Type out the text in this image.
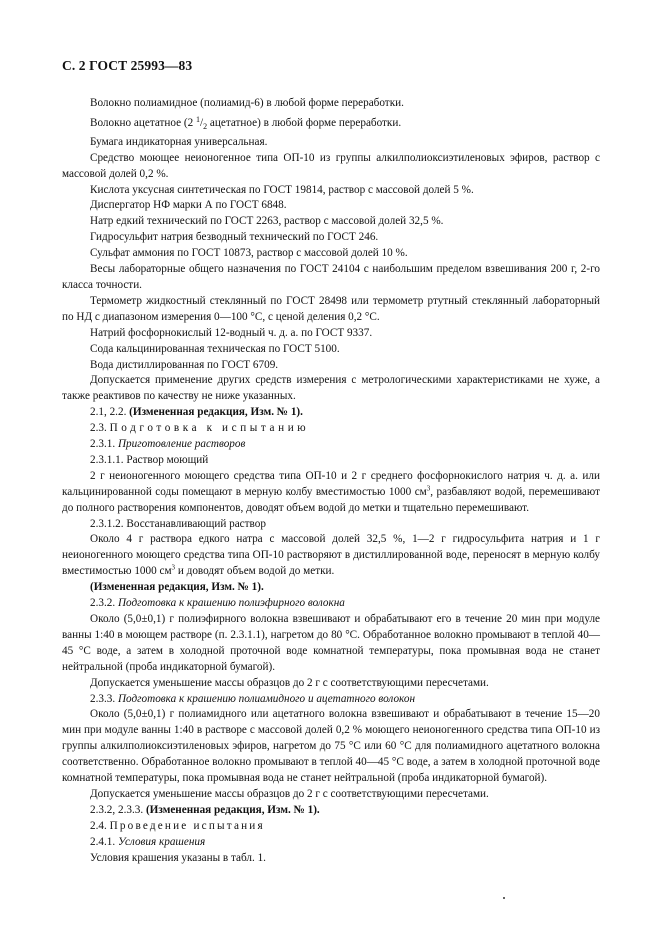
С. 2 ГОСТ 25993—83

Волокно полиамидное (полиамид-6) в любой форме переработки.

Волокно ацетатное (2 $^1/_2$ ацетатное) в любой форме переработки.

Бумага индикаторная универсальная.

Средство моющее неионогенное типа ОП-10 из группы алкилполиоксиэтиленовых эфиров, раствор с массовой долей 0,2 %.

Кислота уксусная синтетическая по ГОСТ 19814, раствор с массовой долей 5 %.

Диспергатор НФ марки А по ГОСТ 6848.

Натр едкий технический по ГОСТ 2263, раствор с массовой долей 32,5 %.

Гидросульфит натрия безводный технический по ГОСТ 246.

Сульфат аммония по ГОСТ 10873, раствор с массовой долей 10 %.

Весы лабораторные общего назначения по ГОСТ 24104 с наибольшим пределом взвешивания 200 г, 2-го класса точности.

Термометр жидкостный стеклянный по ГОСТ 28498 или термометр ртутный стеклянный лабораторный по НД с диапазоном измерения 0—100 °С, с ценой деления 0,2 °С.

Натрий фосфорнокислый 12-водный ч. д. а. по ГОСТ 9337.

Сода кальцинированная техническая по ГОСТ 5100.

Вода дистиллированная по ГОСТ 6709.

Допускается применение других средств измерения с метрологическими характеристиками не хуже, а также реактивов по качеству не ниже указанных.

2.1, 2.2. (Измененная редакция, Изм. № 1).

2.3. Подготовка к испытанию

2.3.1. Приготовление растворов

2.3.1.1. Раствор моющий

2 г неионогенного моющего средства типа ОП-10 и 2 г среднего фосфорнокислого натрия ч. д. а. или кальцинированной соды помещают в мерную колбу вместимостью 1000 $см^3$, разбавляют водой, перемешивают до полного растворения компонентов, доводят объем водой до метки и тщательно перемешивают.

2.3.1.2. Восстанавливающий раствор

Около 4 г раствора едкого натра с массовой долей 32,5 %, 1—2 г гидросульфита натрия и 1 г неионогенного моющего средства типа ОП-10 растворяют в дистиллированной воде, переносят в мерную колбу вместимостью 1000 $см^3$ и доводят объем водой до метки.

(Измененная редакция, Изм. № 1).

2.3.2. Подготовка к крашению полиэфирного волокна

Около (5,0±0,1) г полиэфирного волокна взвешивают и обрабатывают его в течение 20 мин при модуле ванны 1:40 в моющем растворе (п. 2.3.1.1), нагретом до 80 °С. Обработанное волокно промывают в теплой 40—45 °С воде, а затем в холодной проточной воде комнатной температуры, пока промывная вода не станет нейтральной (проба индикаторной бумагой).

Допускается уменьшение массы образцов до 2 г с соответствующими пересчетами.

2.3.3. Подготовка к крашению полиамидного и ацетатного волокон

Около (5,0±0,1) г полиамидного или ацетатного волокна взвешивают и обрабатывают в течение 15—20 мин при модуле ванны 1:40 в растворе с массовой долей 0,2 % моющего неионогенного средства типа ОП-10 из группы алкилполиоксиэтиленовых эфиров, нагретом до 75 °С или 60 °С для полиамидного ацетатного волокна соответственно. Обработанное волокно промывают в теплой 40—45 °С воде, а затем в холодной проточной воде комнатной температуры, пока промывная вода не станет нейтральной (проба индикаторной бумагой).

Допускается уменьшение массы образцов до 2 г с соответствующими пересчетами.

2.3.2, 2.3.3. (Измененная редакция, Изм. № 1).

2.4. Проведение испытания

2.4.1. Условия крашения

Условия крашения указаны в табл. 1.
